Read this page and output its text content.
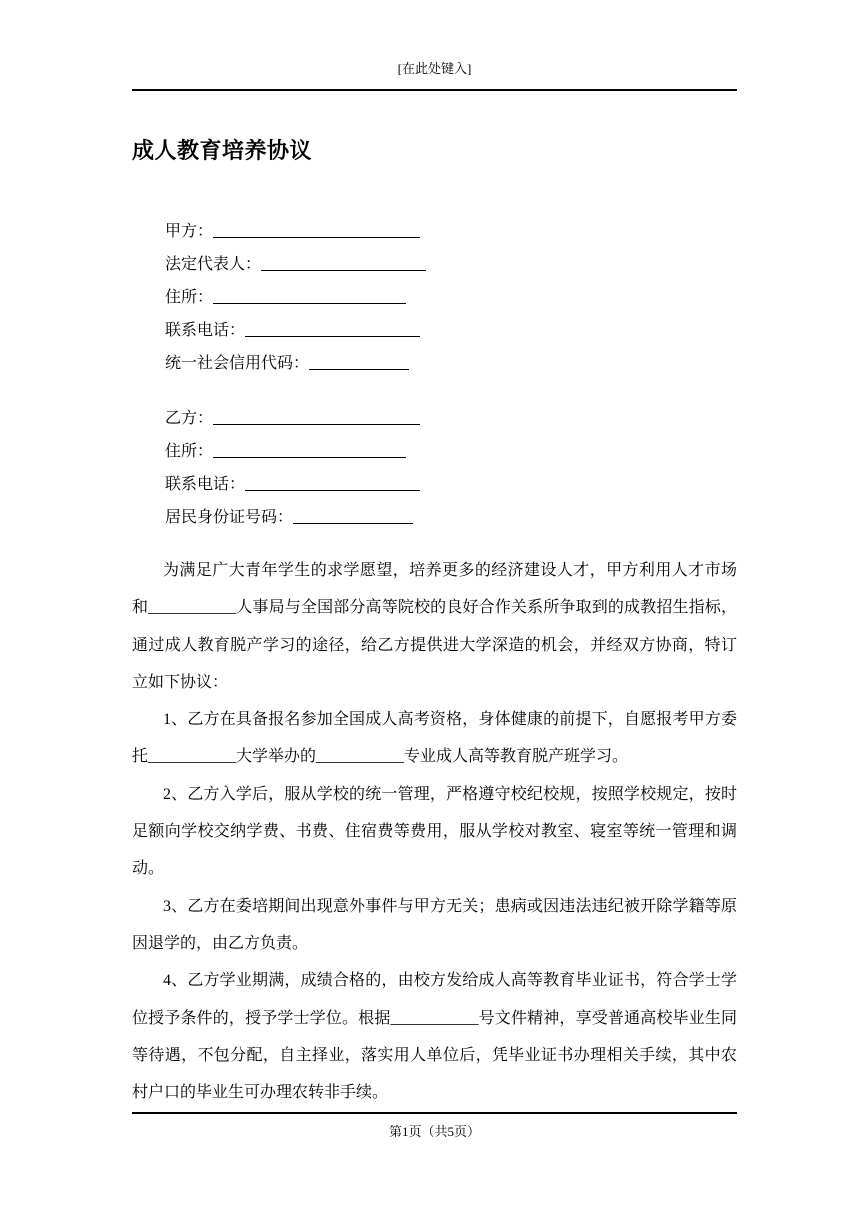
[在此处键入]
成人教育培养协议
甲方：
法定代表人：
住所：
联系电话：
统一社会信用代码：
乙方：
住所：
联系电话：
居民身份证号码：

为满足广大青年学生的求学愿望，培养更多的经济建设人才，甲方利用人才市场和___________人事局与全国部分高等院校的良好合作关系所争取到的成教招生指标，通过成人教育脱产学习的途径，给乙方提供进大学深造的机会，并经双方协商，特订立如下协议：

1、乙方在具备报名参加全国成人高考资格，身体健康的前提下，自愿报考甲方委托___________大学举办的___________专业成人高等教育脱产班学习。

2、乙方入学后，服从学校的统一管理，严格遵守校纪校规，按照学校规定，按时足额向学校交纳学费、书费、住宿费等费用，服从学校对教室、寝室等统一管理和调动。

3、乙方在委培期间出现意外事件与甲方无关；患病或因违法违纪被开除学籍等原因退学的，由乙方负责。

4、乙方学业期满，成绩合格的，由校方发给成人高等教育毕业证书，符合学士学位授予条件的，授予学士学位。根据___________号文件精神，享受普通高校毕业生同等待遇，不包分配，自主择业，落实用人单位后，凭毕业证书办理相关手续，其中农村户口的毕业生可办理农转非手续。

第1页（共5页）
